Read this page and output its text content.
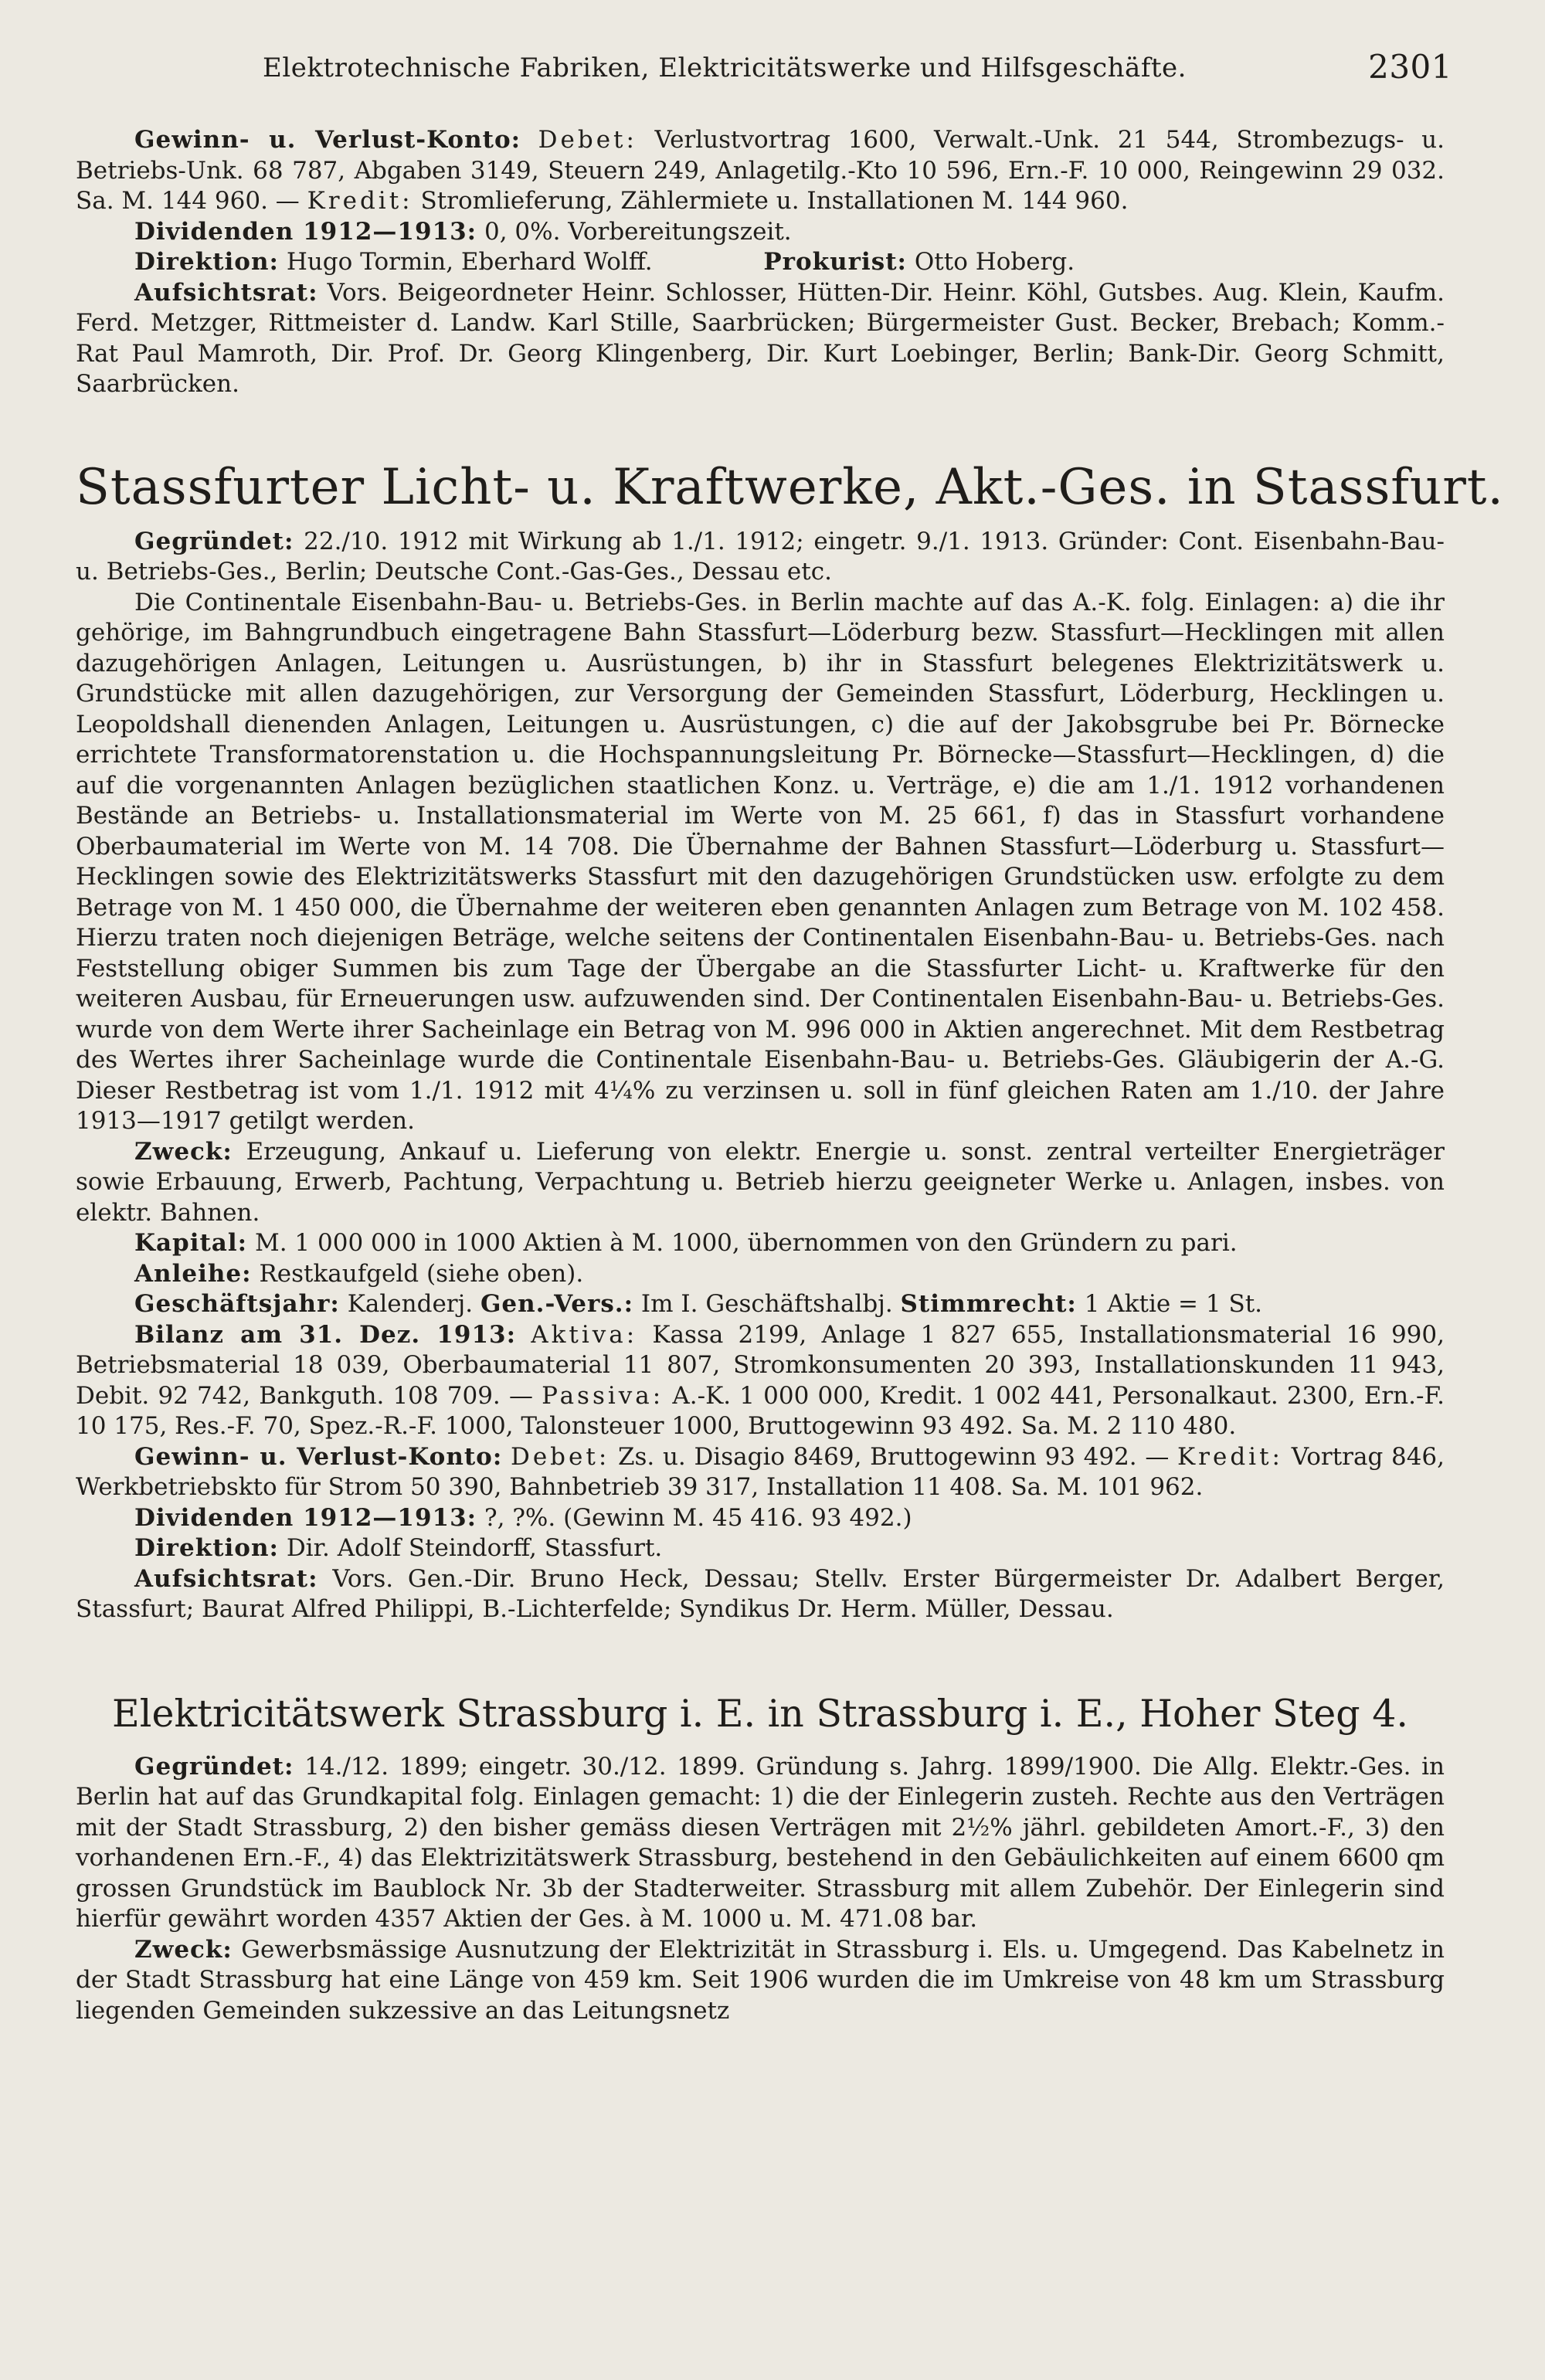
Elektrotechnische Fabriken, Elektricitätswerke und Hilfsgeschäfte.	2301

Gewinn- u. Verlust-Konto: Debet: Verlustvortrag 1600, Verwalt.-Unk. 21 544, Strombezugs- u. Betriebs-Unk. 68 787, Abgaben 3149, Steuern 249, Anlagetilg.-Kto 10 596, Ern.-F. 10 000, Reingewinn 29 032. Sa. M. 144 960. — Kredit: Stromlieferung, Zählermiete u. Installationen M. 144 960.

Dividenden 1912—1913: 0, 0%. Vorbereitungszeit.

Direktion: Hugo Tormin, Eberhard Wolff.     	Prokurist: Otto Hoberg.

Aufsichtsrat: Vors. Beigeordneter Heinr. Schlosser, Hütten-Dir. Heinr. Köhl, Gutsbes. Aug. Klein, Kaufm. Ferd. Metzger, Rittmeister d. Landw. Karl Stille, Saarbrücken; Bürgermeister Gust. Becker, Brebach; Komm.-Rat Paul Mamroth, Dir. Prof. Dr. Georg Klingenberg, Dir. Kurt Loebinger, Berlin; Bank-Dir. Georg Schmitt, Saarbrücken.

Stassfurter Licht- u. Kraftwerke, Akt.-Ges. in Stassfurt.

Gegründet: 22./10. 1912 mit Wirkung ab 1./1. 1912; eingetr. 9./1. 1913. Gründer: Cont. Eisenbahn-Bau- u. Betriebs-Ges., Berlin; Deutsche Cont.-Gas-Ges., Dessau etc.

Die Continentale Eisenbahn-Bau- u. Betriebs-Ges. in Berlin machte auf das A.-K. folg. Einlagen: a) die ihr gehörige, im Bahngrundbuch eingetragene Bahn Stassfurt—Löderburg bezw. Stassfurt—Hecklingen mit allen dazugehörigen Anlagen, Leitungen u. Ausrüstungen, b) ihr in Stassfurt belegenes Elektrizitätswerk u. Grundstücke mit allen dazugehörigen, zur Versorgung der Gemeinden Stassfurt, Löderburg, Hecklingen u. Leopoldshall dienenden Anlagen, Leitungen u. Ausrüstungen, c) die auf der Jakobsgrube bei Pr. Börnecke errichtete Transformatorenstation u. die Hochspannungsleitung Pr. Börnecke—Stassfurt—Hecklingen, d) die auf die vorgenannten Anlagen bezüglichen staatlichen Konz. u. Verträge, e) die am 1./1. 1912 vorhandenen Bestände an Betriebs- u. Installationsmaterial im Werte von M. 25 661, f) das in Stassfurt vorhandene Oberbaumaterial im Werte von M. 14 708. Die Übernahme der Bahnen Stassfurt—Löderburg u. Stassfurt—Hecklingen sowie des Elektrizitätswerks Stassfurt mit den dazugehörigen Grundstücken usw. erfolgte zu dem Betrage von M. 1 450 000, die Übernahme der weiteren eben genannten Anlagen zum Betrage von M. 102 458. Hierzu traten noch diejenigen Beträge, welche seitens der Continentalen Eisenbahn-Bau- u. Betriebs-Ges. nach Feststellung obiger Summen bis zum Tage der Übergabe an die Stassfurter Licht- u. Kraftwerke für den weiteren Ausbau, für Erneuerungen usw. aufzuwenden sind. Der Continentalen Eisenbahn-Bau- u. Betriebs-Ges. wurde von dem Werte ihrer Sacheinlage ein Betrag von M. 996 000 in Aktien angerechnet. Mit dem Restbetrag des Wertes ihrer Sacheinlage wurde die Continentale Eisenbahn-Bau- u. Betriebs-Ges. Gläubigerin der A.-G. Dieser Restbetrag ist vom 1./1. 1912 mit 4¼% zu verzinsen u. soll in fünf gleichen Raten am 1./10. der Jahre 1913—1917 getilgt werden.

Zweck: Erzeugung, Ankauf u. Lieferung von elektr. Energie u. sonst. zentral verteilter Energieträger sowie Erbauung, Erwerb, Pachtung, Verpachtung u. Betrieb hierzu geeigneter Werke u. Anlagen, insbes. von elektr. Bahnen.

Kapital: M. 1 000 000 in 1000 Aktien à M. 1000, übernommen von den Gründern zu pari.

Anleihe: Restkaufgeld (siehe oben).

Geschäftsjahr: Kalenderj. Gen.-Vers.: Im I. Geschäftshalbj. Stimmrecht: 1 Aktie = 1 St.

Bilanz am 31. Dez. 1913: Aktiva: Kassa 2199, Anlage 1 827 655, Installationsmaterial 16 990, Betriebsmaterial 18 039, Oberbaumaterial 11 807, Stromkonsumenten 20 393, Installationskunden 11 943, Debit. 92 742, Bankguth. 108 709. — Passiva: A.-K. 1 000 000, Kredit. 1 002 441, Personalkaut. 2300, Ern.-F. 10 175, Res.-F. 70, Spez.-R.-F. 1000, Talonsteuer 1000, Bruttogewinn 93 492. Sa. M. 2 110 480.

Gewinn- u. Verlust-Konto: Debet: Zs. u. Disagio 8469, Bruttogewinn 93 492. — Kredit: Vortrag 846, Werkbetriebskto für Strom 50 390, Bahnbetrieb 39 317, Installation 11 408. Sa. M. 101 962.

Dividenden 1912—1913: ?, ?%. (Gewinn M. 45 416. 93 492.)

Direktion: Dir. Adolf Steindorff, Stassfurt.

Aufsichtsrat: Vors. Gen.-Dir. Bruno Heck, Dessau; Stellv. Erster Bürgermeister Dr. Adalbert Berger, Stassfurt; Baurat Alfred Philippi, B.-Lichterfelde; Syndikus Dr. Herm. Müller, Dessau.

Elektricitätswerk Strassburg i. E. in Strassburg i. E., Hoher Steg 4.

Gegründet: 14./12. 1899; eingetr. 30./12. 1899. Gründung s. Jahrg. 1899/1900. Die Allg. Elektr.-Ges. in Berlin hat auf das Grundkapital folg. Einlagen gemacht: 1) die der Einlegerin zusteh. Rechte aus den Verträgen mit der Stadt Strassburg, 2) den bisher gemäss diesen Verträgen mit 2½% jährl. gebildeten Amort.-F., 3) den vorhandenen Ern.-F., 4) das Elektrizitätswerk Strassburg, bestehend in den Gebäulichkeiten auf einem 6600 qm grossen Grundstück im Baublock Nr. 3b der Stadterweiter. Strassburg mit allem Zubehör. Der Einlegerin sind hierfür gewährt worden 4357 Aktien der Ges. à M. 1000 u. M. 471.08 bar.

Zweck: Gewerbsmässige Ausnutzung der Elektrizität in Strassburg i. Els. u. Umgegend. Das Kabelnetz in der Stadt Strassburg hat eine Länge von 459 km. Seit 1906 wurden die im Umkreise von 48 km um Strassburg liegenden Gemeinden sukzessive an das Leitungsnetz
